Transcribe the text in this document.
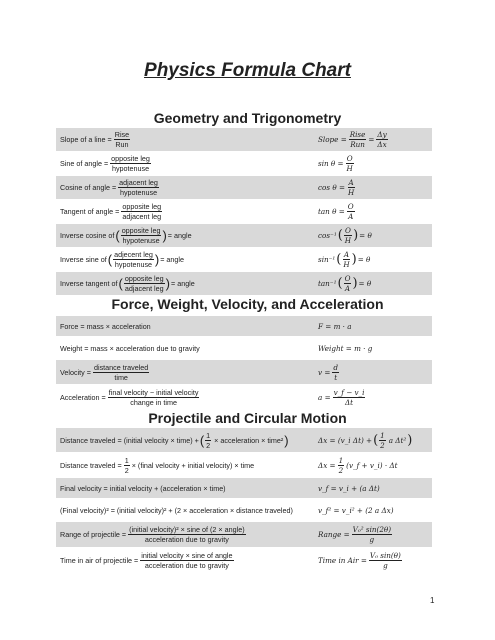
Physics Formula Chart
Geometry and Trigonometry
Slope of a line = $\frac{\text{Rise}}{\text{Run}}$	Slope = $\frac{\text{Rise}}{\text{Run}} = \frac{\Delta y}{\Delta x}$
Sine of angle = $\frac{\text{opposite leg}}{\text{hypotenuse}}$	$\sin \theta = \frac{O}{H}$
Cosine of angle = $\frac{\text{adjacent leg}}{\text{hypotenuse}}$	$\cos \theta = \frac{A}{H}$
Tangent of angle = $\frac{\text{opposite leg}}{\text{adjacent leg}}$	$\tan \theta = \frac{O}{A}$
Inverse cosine of ( $\frac{\text{opposite leg}}{\text{hypotenuse}}$ ) = angle	cos⁻¹ ( $\frac{O}{H}$ ) = θ
Inverse sine of ( $\frac{\text{adjecent leg}}{\text{hypotenuse}}$ ) = angle	sin⁻¹ ( $\frac{A}{H}$ ) = θ
Inverse tangent of ( $\frac{\text{opposite leg}}{\text{adjacent leg}}$ ) = angle	tan⁻¹ ( $\frac{O}{A}$ ) = θ
Force, Weight, Velocity, and Acceleration
Force = mass × acceleration	F = m · a
Weight = mass × acceleration due to gravity	Weight = m · g
Velocity = $\frac{\text{distance traveled}}{\text{time}}$	$v = \frac{d}{t}$
Acceleration = $\frac{\text{final velocity − initial velocity}}{\text{change in time}}$	$a = \frac{v\_f - v\_i}{\Delta t}$
Projectile and Circular Motion
Distance traveled = (initial velocity × time) + ( $\frac{1}{2}$ × acceleration × time² )	Δx = (v_i Δt) + ( $\frac{1}{2}$ a Δt² )
Distance traveled = $\frac{1}{2}$ × (final velocity + initial velocity) × time	$\Delta x = \frac{1}{2}$ (v_f + v_i) · Δt
Final velocity = initial velocity + (acceleration × time)	v_f = v_i + (a Δt)
(Final velocity)² = (initial velocity)² + (2 × acceleration × distance traveled)	v_f² = v_i² + (2 a Δx)
Range of projectile = $\frac{\text{(initial velocity)² × sine of (2 × angle)}}{\text{acceleration due to gravity}}$	Range = $\frac{\text{V₀² sin(2θ)}}{g}$
Time in air of projectile = $\frac{\text{initial velocity × sine of angle}}{\text{acceleration due to gravity}}$	Time in Air = $\frac{\text{V₀ sin(θ)}}{g}$
1
